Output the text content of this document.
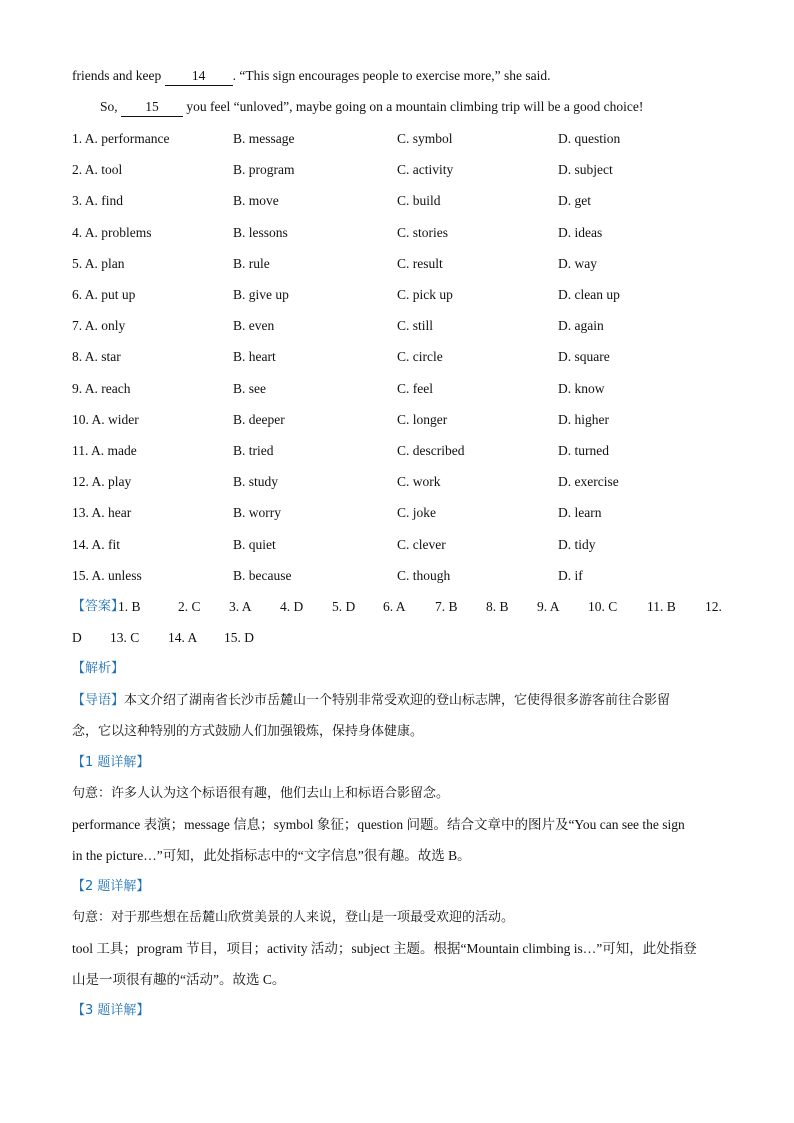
friends and keep 14 . “This sign encourages people to exercise more,” she said.
So, 15 you feel “unloved”, maybe going on a mountain climbing trip will be a good choice!
1. A. performance	B. message	C. symbol	D. question
2. A. tool	B. program	C. activity	D. subject
3. A. find	B. move	C. build	D. get
4. A. problems	B. lessons	C. stories	D. ideas
5. A. plan	B. rule	C. result	D. way
6. A. put up	B. give up	C. pick up	D. clean up
7. A. only	B. even	C. still	D. again
8. A. star	B. heart	C. circle	D. square
9. A. reach	B. see	C. feel	D. know
10. A. wider	B. deeper	C. longer	D. higher
11. A. made	B. tried	C. described	D. turned
12. A. play	B. study	C. work	D. exercise
13. A. hear	B. worry	C. joke	D. learn
14. A. fit	B. quiet	C. clever	D. tidy
15. A. unless	B. because	C. though	D. if
【答案】
1. B	2. C 3. A 4. D 5. D 6. A 7. B 8. B 9. A 10. C 11. B 12.
D 13. C 14. A 15. D
【解析】
【导语】本文介绍了湖南省长沙市岳麓山一个特别非常受欢迎的登山标志牌，它使得很多游客前往合影留
念，它以这种特别的方式鼓励人们加强锻炼，保持身体健康。
【1 题详解】
句意：许多人认为这个标语很有趣，他们去山上和标语合影留念。
performance 表演；message 信息；symbol 象征；question 问题。结合文章中的图片及“You can see the sign
in the picture…”可知，此处指标志中的“文字信息”很有趣。故选 B。
【2 题详解】
句意：对于那些想在岳麓山欣赏美景的人来说，登山是一项最受欢迎的活动。
tool 工具；program 节目，项目；activity 活动；subject 主题。根据“Mountain climbing is…”可知，此处指登
山是一项很有趣的“活动”。故选 C。
【3 题详解】
